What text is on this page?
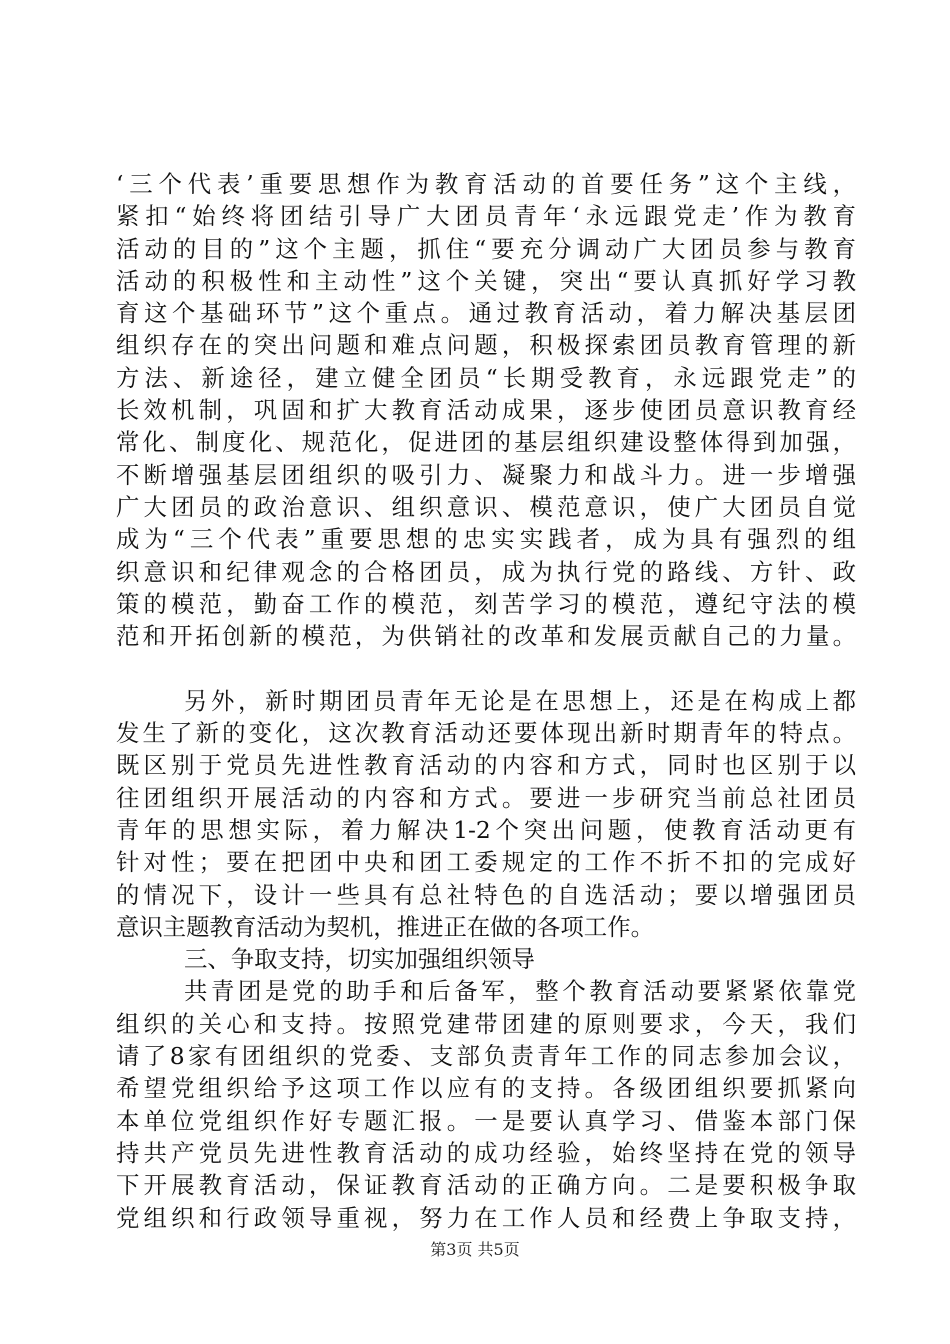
‘三个代表’重要思想作为教育活动的首要任务”这个主线，
紧扣“始终将团结引导广大团员青年‘永远跟党走’作为教育
活动的目的”这个主题，抓住“要充分调动广大团员参与教育
活动的积极性和主动性”这个关键，突出“要认真抓好学习教
育这个基础环节”这个重点。通过教育活动，着力解决基层团
组织存在的突出问题和难点问题，积极探索团员教育管理的新
方法、新途径，建立健全团员“长期受教育，永远跟党走”的
长效机制，巩固和扩大教育活动成果，逐步使团员意识教育经
常化、制度化、规范化，促进团的基层组织建设整体得到加强，
不断增强基层团组织的吸引力、凝聚力和战斗力。进一步增强
广大团员的政治意识、组织意识、模范意识，使广大团员自觉
成为“三个代表”重要思想的忠实实践者，成为具有强烈的组
织意识和纪律观念的合格团员，成为执行党的路线、方针、政
策的模范，勤奋工作的模范，刻苦学习的模范，遵纪守法的模
范和开拓创新的模范，为供销社的改革和发展贡献自己的力量。
另外，新时期团员青年无论是在思想上，还是在构成上都
发生了新的变化，这次教育活动还要体现出新时期青年的特点。
既区别于党员先进性教育活动的内容和方式，同时也区别于以
往团组织开展活动的内容和方式。要进一步研究当前总社团员
青年的思想实际，着力解决1-2个突出问题，使教育活动更有
针对性；要在把团中央和团工委规定的工作不折不扣的完成好
的情况下，设计一些具有总社特色的自选活动；要以增强团员
意识主题教育活动为契机，推进正在做的各项工作。
三、争取支持，切实加强组织领导
共青团是党的助手和后备军，整个教育活动要紧紧依靠党
组织的关心和支持。按照党建带团建的原则要求，今天，我们
请了8家有团组织的党委、支部负责青年工作的同志参加会议，
希望党组织给予这项工作以应有的支持。各级团组织要抓紧向
本单位党组织作好专题汇报。一是要认真学习、借鉴本部门保
持共产党员先进性教育活动的成功经验，始终坚持在党的领导
下开展教育活动，保证教育活动的正确方向。二是要积极争取
党组织和行政领导重视，努力在工作人员和经费上争取支持，
第3页 共5页
